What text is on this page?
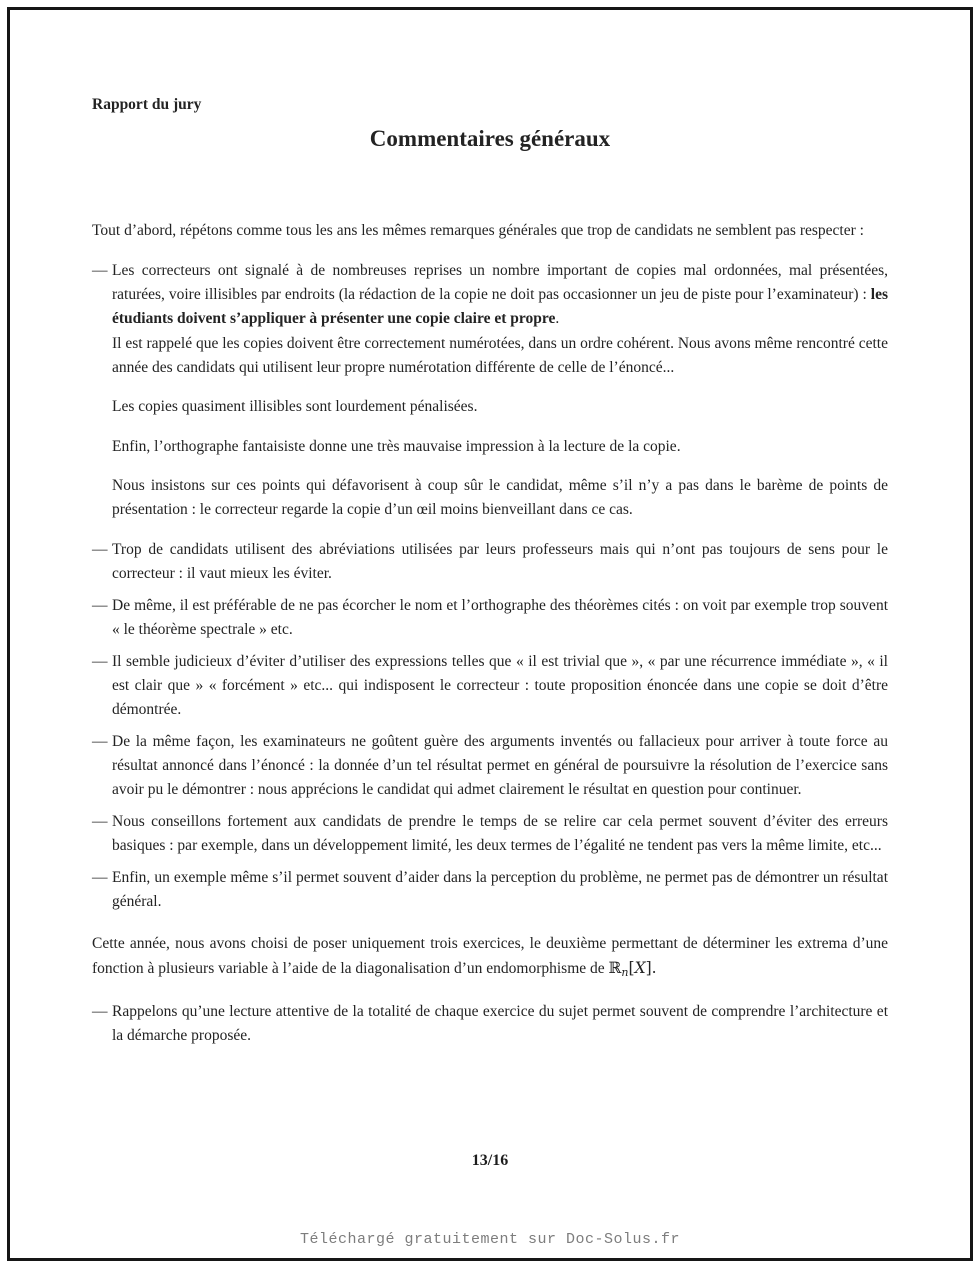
Rapport du jury
Commentaires généraux

Tout d’abord, répétons comme tous les ans les mêmes remarques générales que trop de candidats ne semblent pas respecter :

— Les correcteurs ont signalé à de nombreuses reprises un nombre important de copies mal ordonnées, mal présentées, raturées, voire illisibles par endroits (la rédaction de la copie ne doit pas occasionner un jeu de piste pour l’examinateur) : les étudiants doivent s’appliquer à présenter une copie claire et propre.

Il est rappelé que les copies doivent être correctement numérotées, dans un ordre cohérent. Nous avons même rencontré cette année des candidats qui utilisent leur propre numérotation différente de celle de l’énoncé...

Les copies quasiment illisibles sont lourdement pénalisées.

Enfin, l’orthographe fantaisiste donne une très mauvaise impression à la lecture de la copie.

Nous insistons sur ces points qui défavorisent à coup sûr le candidat, même s’il n’y a pas dans le barème de points de présentation : le correcteur regarde la copie d’un œil moins bienveillant dans ce cas.

— Trop de candidats utilisent des abréviations utilisées par leurs professeurs mais qui n’ont pas toujours de sens pour le correcteur : il vaut mieux les éviter.
— De même, il est préférable de ne pas écorcher le nom et l’orthographe des théorèmes cités : on voit par exemple trop souvent « le théorème spectrale » etc.
— Il semble judicieux d’éviter d’utiliser des expressions telles que « il est trivial que », « par une récurrence immédiate », « il est clair que » « forcément » etc... qui indisposent le correcteur : toute proposition énoncée dans une copie se doit d’être démontrée.
— De la même façon, les examinateurs ne goûtent guère des arguments inventés ou fallacieux pour arriver à toute force au résultat annoncé dans l’énoncé : la donnée d’un tel résultat permet en général de poursuivre la résolution de l’exercice sans avoir pu le démontrer : nous apprécions le candidat qui admet clairement le résultat en question pour continuer.
— Nous conseillons fortement aux candidats de prendre le temps de se relire car cela permet souvent d’éviter des erreurs basiques : par exemple, dans un développement limité, les deux termes de l’égalité ne tendent pas vers la même limite, etc...
— Enfin, un exemple même s’il permet souvent d’aider dans la perception du problème, ne permet pas de démontrer un résultat général.

Cette année, nous avons choisi de poser uniquement trois exercices, le deuxième permettant de déterminer les extrema d’une fonction à plusieurs variable à l’aide de la diagonalisation d’un endomorphisme de ℝn[X].

— Rappelons qu’une lecture attentive de la totalité de chaque exercice du sujet permet souvent de comprendre l’architecture et la démarche proposée.
13/16
Téléchargé gratuitement sur Doc-Solus.fr
